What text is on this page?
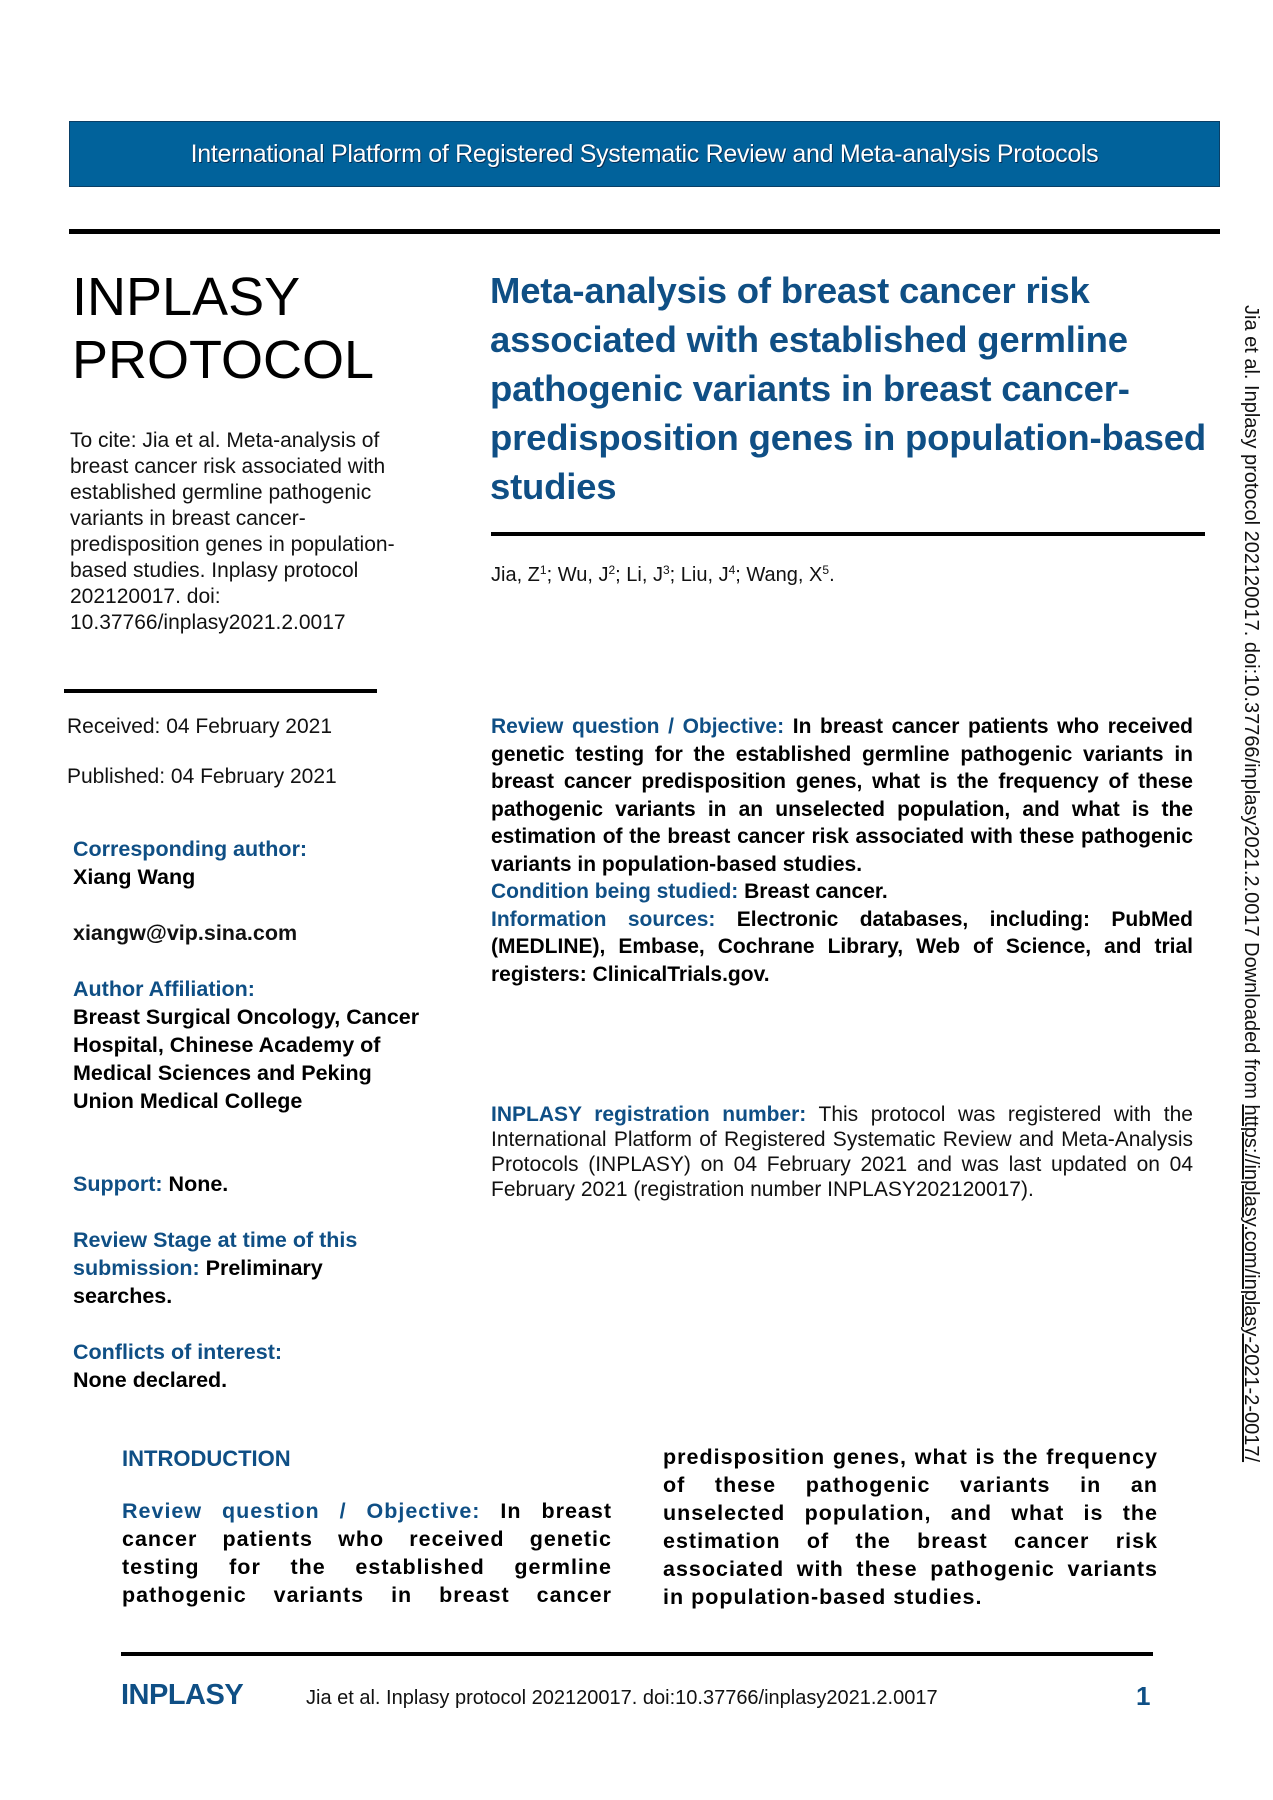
International Platform of Registered Systematic Review and Meta-analysis Protocols
INPLASY
PROTOCOL
To cite: Jia et al. Meta-analysis of breast cancer risk associated with established germline pathogenic variants in breast cancer-predisposition genes in population-based studies. Inplasy protocol 202120017. doi: 10.37766/inplasy2021.2.0017
Received: 04 February 2021
Published: 04 February 2021
Corresponding author:
Xiang Wang
xiangw@vip.sina.com
Author Affiliation:
Breast Surgical Oncology, Cancer Hospital, Chinese Academy of Medical Sciences and Peking Union Medical College
Support: None.
Review Stage at time of this submission: Preliminary searches.
Conflicts of interest:
None declared.
Meta-analysis of breast cancer risk associated with established germline pathogenic variants in breast cancer-predisposition genes in population-based studies
Jia, $Z^1$; Wu, $J^2$; Li, $J^3$; Liu, $J^4$; Wang, $X^5$.
Review question / Objective: In breast cancer patients who received genetic testing for the established germline pathogenic variants in breast cancer predisposition genes, what is the frequency of these pathogenic variants in an unselected population, and what is the estimation of the breast cancer risk associated with these pathogenic variants in population-based studies.
Condition being studied: Breast cancer.
Information sources: Electronic databases, including: PubMed (MEDLINE), Embase, Cochrane Library, Web of Science, and trial registers: ClinicalTrials.gov.
INPLASY registration number: This protocol was registered with the International Platform of Registered Systematic Review and Meta-Analysis Protocols (INPLASY) on 04 February 2021 and was last updated on 04 February 2021 (registration number INPLASY202120017).
INTRODUCTION
Review question / Objective: In breast cancer patients who received genetic testing for the established germline pathogenic variants in breast cancer
predisposition genes, what is the frequency of these pathogenic variants in an unselected population, and what is the estimation of the breast cancer risk associated with these pathogenic variants in population-based studies.
INPLASY	Jia et al. Inplasy protocol 202120017. doi:10.37766/inplasy2021.2.0017	1
Jia et al. Inplasy protocol 202120017. doi:10.37766/inplasy2021.2.0017 Downloaded from https://inplasy.com/inplasy-2021-2-0017/
